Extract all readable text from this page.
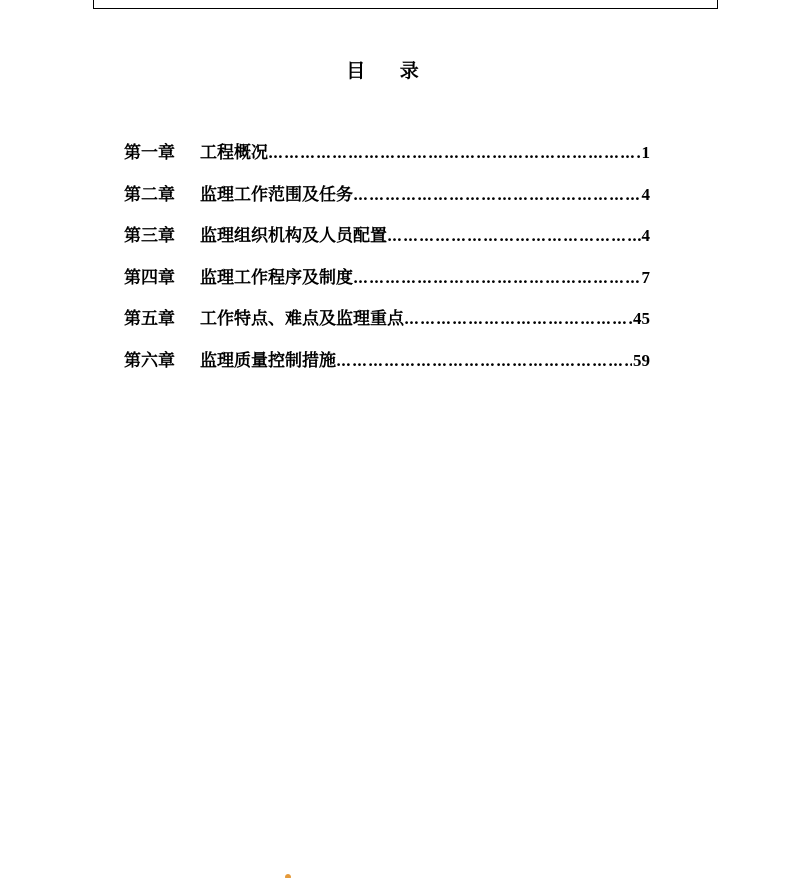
目 录
第一章	工程概况 ……………………………………………………………………………………………………	1
第二章	监理工作范围及任务 ……………………………………………………………………………………………………	4
第三章	监理组织机构及人员配置 ……………………………………………………………………………………………………	4
第四章	监理工作程序及制度 ……………………………………………………………………………………………………	7
第五章	工作特点、难点及监理重点 ……………………………………………………………………………………………………	45
第六章	监理质量控制措施 ……………………………………………………………………………………………………	59
